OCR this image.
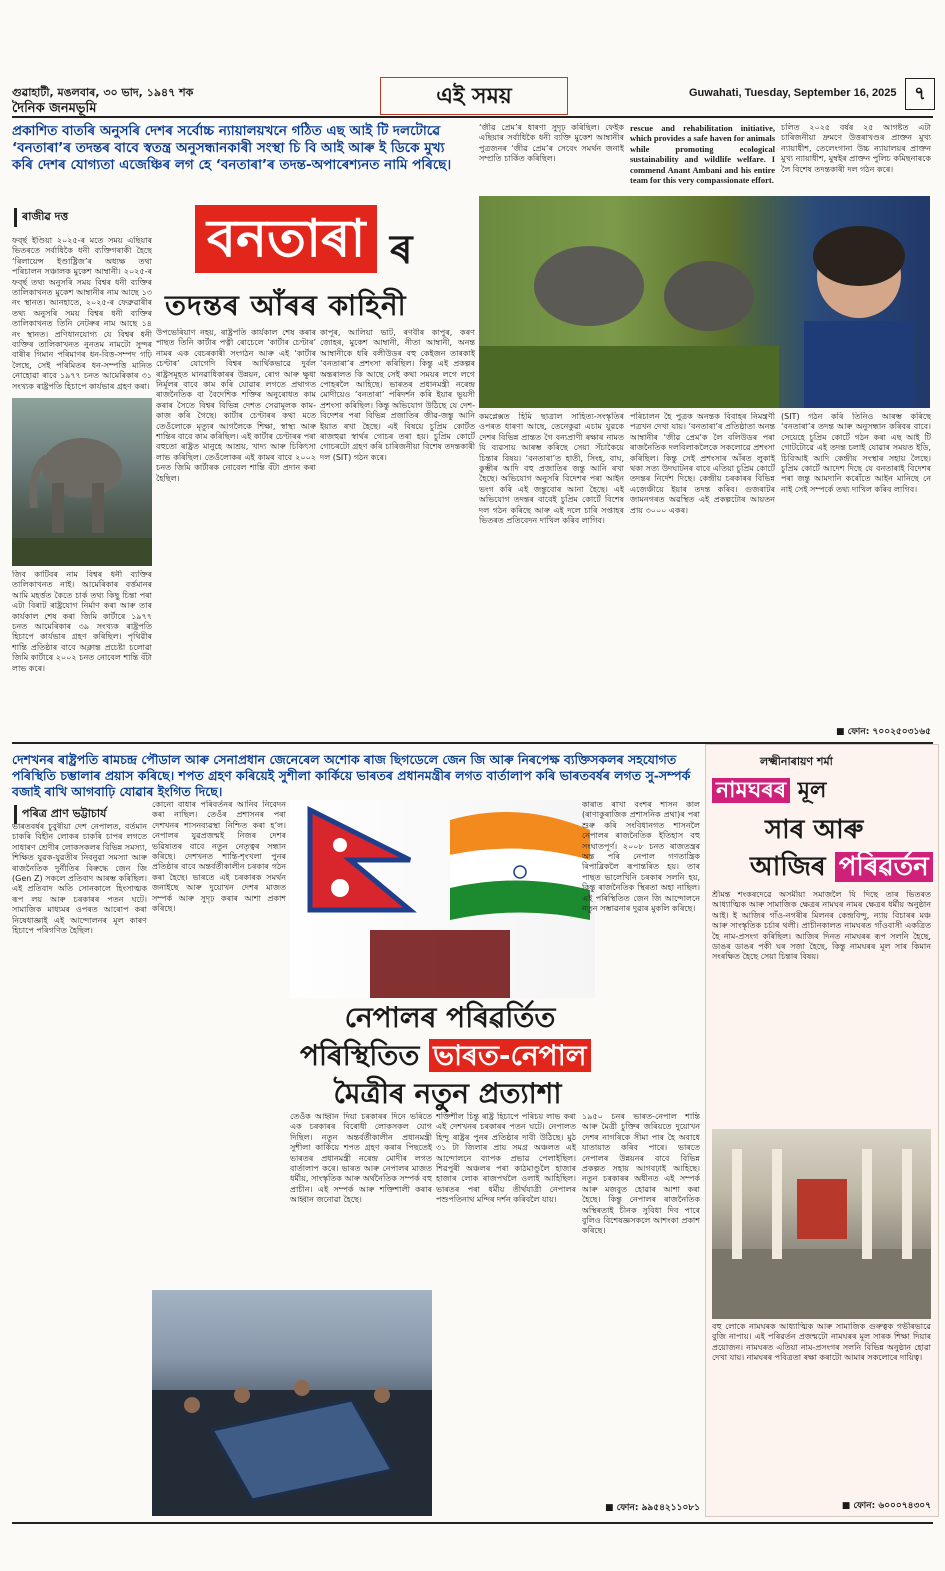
গুৱাহাটী, মঙলবাৰ, ৩০ ভাদ, ১৯৪৭ শক
দৈনিক জনমভূমি	এই সময়	Guwahati, Tuesday, September 16, 2025 ৭
প্ৰকাশিত বাতৰি অনুসৰি দেশৰ সৰ্বোচ্চ ন্যায়ালয়খনে গঠিত এছ আই টি দলটোৱে ‘বনতাৰা’ৰ তদন্তৰ বাবে স্বতন্ত্ৰ অনুসন্ধানকাৰী সংস্থা চি বি আই আৰু ই ডিকে মুখ্য কৰি দেশৰ যোগ্যতা এজেঞ্চিৰ লগ হে ‘বনতাৰা’ৰ তদন্ত-অপাৰেশ্যনত নামি পৰিছে।
ৰাজীৱ দত্ত	বনতাৰা ৰ
তদন্তৰ আঁৰৰ কাহিনী
ফৰ্ব্ছ ইণ্ডিয়া ২০২৫-ৰ মতে সময় এছিয়াৰ ভিতৰতে সৰ্বাধিকৈ ধনী ব্যক্তিগৰাকী হৈছে ‘ৰিলায়েন্স ইণ্ডাষ্ট্ৰিজ’ৰ অধ্যক্ষ তথা পৰিচালন সঞ্চালক মুকেশ আম্বানী। ২০২৫-ৰ ফৰ্ব্ছ তথ্য অনুসৰি সময় বিশ্বৰ ধনী ব্যক্তিৰ তালিকাখনত মুকেশ আম্বানীৰ নাম আছে ১৩ নং স্থানত। আনহাতে, ২০২৫-ৰ ফেব্ৰুৱাৰীৰ তথ্য অনুসৰি সময় বিশ্বৰ ধনী ব্যক্তিৰ তালিকাখনত তিনি নেটৰুৰ নাম আছে ১৪ নং স্থানত। প্ৰণিধানযোগ্য যে বিশ্বৰ ধনী ব্যক্তিৰ তালিকাখনত নুনতম নামটো সুন্দৰ বাৰীৰ গিমান পৰিমাণৰ ধন-বিত্ত-সম্পদ গঢ়ি লৈছে, সেই পৰিমিতৰ ধন-সম্পত্তি মানিত নোহোৱা ৰাবে ১৯৭৭ চনত আমেৰিকাৰ ৩১ সংখ্যক ৰাষ্ট্ৰপতি হিচাপে কাৰ্যভাৰ গ্ৰহণ কৰা।
জিব কাটিবৰ নাম বিশ্বৰ ধনী ব্যক্তিৰ তালিকাখনত নাই। আমেৰিকাৰ বৰ্ত্তমানৰ আমি মহৰ্ত্তত কৈতে চাৰ্ক তথ্য কিছু চিন্তা পৰা এটা বিৰাট ৰাষ্ট্ৰযোগ নিৰ্মাণ কৰা আৰু তাৰ কাৰ্যকাল শেষ কৰা জিমি কাৰ্টাৰে ১৯৭৭ চনত আমেৰিকাৰ ৩৯ সংখ্যক ৰাষ্ট্ৰপতি হিচাপে কাৰ্যভাৰ গ্ৰহণ কৰিছিল। পৃথিৱীৰ শান্তি প্ৰতিষ্ঠাৰ বাবে অক্লান্ত প্ৰচেষ্টা চলোৱা জিমি কাৰ্টাৰে ২০০২ চনত নোবেল শান্তি বঁটা লাভ কৰে।
উপভেৰিয়াণ নহয়, ৰাষ্ট্ৰপতি কাৰ্যকাল শেষ কৰাৰ পাছত তিনি কাৰ্টাৰ পত্নী ৰোচেলে ‘কাৰ্টাৰ চেণ্টাৰ’ নামৰ এক বেচৰকাৰী সংগঠন আৰু এই ‘কাৰ্টাৰ চেণ্টাৰ’ যোগেদি বিশ্বৰ আৰ্থিকভাৱে দুৰ্বল ৰাষ্ট্ৰসমূহত মানৱাধিকাৰৰ উন্নয়ন, ৰোগ আৰু ক্ষুধা নিৰ্মূলৰ বাবে কাম কৰি যোৱাৰ লগতে প্ৰথাগত ৰাজনৈতিক বা বৈদেশিক শক্তিৰ অনুৰোধত কাম কৰাৰ সৈতে বিশ্বৰ বিভিন্ন দেশত সেৱামূলক কাম-কাজ কৰি গৈছে। কাৰ্টাৰ চেণ্টাৰৰ কথা মতে তেওঁলোকে মৃত্যুৰ আগলৈকে শিক্ষা, স্বাস্থ্য আৰু শান্তিৰ বাবে কাম কৰিছিল। এই কাৰ্টাৰ চেণ্টাৰৰ পৰা বহুতো ৰাষ্ট্ৰত মানুহে আশ্ৰয়, খাদ্য আৰু চিকিৎসা লাভ কৰিছিল। তেওঁলোকৰ এই কামৰ বাবে ২০০২ চনত জিমি কাৰ্টাৰক নোবেল শান্তি বঁটা প্ৰদান কৰা হৈছিল।
কাপূৰ, আলিয়া ভাট, ৰণবীৰ কাপুৰ, কৰণ জোহৰ, মুকেশ আম্বানী, নীতা আম্বানী, অনন্ত আম্বানীকে ধৰি বলীউডৰ বহু কেইজন তাৰকাই ‘বনতাৰা’ৰ প্ৰশংসা কৰিছিল। কিন্তু এই প্ৰকল্পৰ অন্তৰালত কি আছে সেই কথা সময়ৰ লগে লগে পোহৰলৈ আহিছে। ভাৰতৰ প্ৰধানমন্ত্ৰী নৰেন্দ্ৰ মোদীয়েও ‘বনতাৰা’ পৰিদৰ্শন কৰি ইয়াৰ ভূয়সী প্ৰশংসা কৰিছিল। কিন্তু অভিযোগ উঠিছে যে দেশ-বিদেশৰ পৰা বিভিন্ন প্ৰজাতিৰ জীৱ-জন্তু আনি ইয়াত ৰখা হৈছে। এই বিষয়ে চুপ্ৰিম কোৰ্টত ৰাজহুৱা স্বাৰ্থৰ গোচৰ তৰা হয়। চুপ্ৰিম কোৰ্টে গোচৰটো গ্ৰহণ কৰি চাৰিজনীয়া বিশেষ তদন্তকাৰী দল (SIT) গঠন কৰে।
‘জীৱ প্ৰেম’ৰ ধাৰণা সুদৃঢ় কৰিছিল। ফেইক এছিয়াৰ সৰ্বাধিকৈ ধনী ব্যক্তি মুকেশ আম্বানীৰ পুত্ৰজনৰ ‘জীৱ প্ৰেম’ৰ সেবেং সমৰ্থন জনাই সম্প্ৰতি চাৰ্কিত কৰিছিল।
rescue and rehabilitation initiative, which provides a safe haven for animals while promoting ecological sustainability and wildlife welfare. I commend Anant Ambani and his entire team for this very compassionate effort.
চলিত ২০২৫ বৰ্ষৰ ২৫ আগষ্টত এটা চাৰিজনীয়া দ্ৰুমণে উত্তৰাখণ্ডৰ প্ৰাক্তন মুখ্য ন্যায়াধীশ, তেলেংগানা উচ্চ ন্যায়ালয়ৰ প্ৰাক্তন মুখ্য ন্যায়াধীশ, মুম্বইৰ প্ৰাক্তন পুলিচ কমিছনাৰকে লৈ বিশেষ তদন্তকাৰী দল গঠন কৰে।
কমপ্লেক্সত হিমি ছাত্ৰাল সাহিত্য-সংস্কৃতিৰ ওপৰত ধাৰণা আছে, তেনেকুৱা এচাম যুৱকে দেশৰ বিভিন্ন প্ৰান্তত গৈ বন্যপ্ৰাণী ৰক্ষাৰ নামত যি ব্যৱসায় আৰম্ভ কৰিছে সেয়া সঁচাকৈয়ে চিন্তাৰ বিষয়। ‘বনতাৰা’ত হাতী, সিংহ, বাঘ, কুম্ভীৰ আদি বহু প্ৰজাতিৰ জন্তু আনি ৰখা হৈছে। অভিযোগ অনুসৰি বিদেশৰ পৰা আইন ভংগ কৰি এই জন্তুবোৰ আনা হৈছে। এই অভিযোগ তদন্তৰ বাবেই চুপ্ৰিম কোৰ্টে বিশেষ দল গঠন কৰিছে আৰু এই দলে চাৰি সপ্তাহৰ ভিতৰত প্ৰতিবেদন দাখিল কৰিব লাগিব।
পৰিচালন হৈ পুত্ৰক অনন্তক বিবাহৰ নিমন্ত্ৰণী পত্ৰখন দেখা যায়। ‘বনতাৰা’ৰ প্ৰতিষ্ঠাতা অনন্ত আম্বানীৰ ‘জীৱ প্ৰেম’ক লৈ বলিউডৰ পৰা ৰাজনৈতিক দলবিলাকলৈকে সকলোৱে প্ৰশংসা কৰিছিল। কিন্তু সেই প্ৰশংসাৰ আঁৰত লুকাই থকা সত্য উদঘাটনৰ বাবে এতিয়া চুপ্ৰিম কোৰ্টে তদন্তৰ নিৰ্দেশ দিছে। কেন্দ্ৰীয় চৰকাৰৰ বিভিন্ন এজেঞ্চীয়ে ইয়াৰ তদন্ত কৰিব। গুজৰাটৰ জামনগৰত অৱস্থিত এই প্ৰকল্পটোৰ আয়তন প্ৰায় ৩০০০ একৰ।
(SIT) গঠন কৰি তিনিও আৰম্ভ কৰিছে ‘বনতাৰা’ৰ তদন্ত আৰু অনুসন্ধান কৰিবৰ বাবে। সেয়েহে চুপ্ৰিম কোৰ্টে গঠন কৰা এছ আই টি গোটটোৱে এই তদন্ত চলাই যোৱাৰ সময়ত ইডি, চিবিআই আদি কেন্দ্ৰীয় সংস্থাৰ সহায় লৈছে। চুপ্ৰিম কোৰ্টে আদেশ দিছে যে বনতাৰাই বিদেশৰ পৰা জন্তু আমদানি কৰোঁতে আইন মানিছে নে নাই সেই সম্পৰ্কে তথ্য দাখিল কৰিব লাগিব।
■ ফোন: ৭০০২৫০৩১৬৫
দেশখনৰ ৰাষ্ট্ৰপতি ৰামচন্দ্ৰ পৌডাল আৰু সেনাপ্ৰধান জেনেৰেল অশোক ৰাজ ছিগডেলে জেন জি আৰু নিৰপেক্ষ ব্যক্তিসকলৰ সহযোগত পৰিস্থিতি চম্ভালাৰ প্ৰয়াস কৰিছে। শপত গ্ৰহণ কৰিয়েই সুশীলা কাৰ্কিয়ে ভাৰতৰ প্ৰধানমন্ত্ৰীৰ লগত বাৰ্তালাপ কৰি ভাৰতবৰ্ষৰ লগত সু-সম্পৰ্ক বজাই ৰাখি আগবাঢ়ি যোৱাৰ ইংগিত দিছে।
পৰিত্ৰ প্ৰাণ ভট্টাচাৰ্য
ভাৰতবৰ্ষৰ চুবুৰীয়া দেশ নেপালত, বৰ্তমান চাকৰি বিহীন লোকৰ চাকৰি চাপৰ লগতে সাধাৰণ শ্ৰেণীৰ লোকসকলৰ বিভিন্ন সমস্যা, শিক্ষিত যুৱক-যুৱতীৰ নিবনুৱা সমস্যা আৰু ৰাজনৈতিক দুৰ্নীতিৰ বিৰুদ্ধে জেন জি (Gen Z) সকলে প্ৰতিবাদ আৰম্ভ কৰিছিল। এই প্ৰতিবাদ অতি সোনকালে হিংসাত্মক ৰূপ লয় আৰু চৰকাৰৰ পতন ঘটে। সামাজিক মাধ্যমৰ ওপৰত আৰোপ কৰা নিষেধাজ্ঞাই এই আন্দোলনৰ মূল কাৰণ হিচাপে পৰিগণিত হৈছিল।
কোনো বাধাৰ পৰিবৰ্তনৰ আনিব নিবেদন কৰা নাছিল। তেওঁৰ প্ৰশাসনৰ পৰা দেশখনৰ শাসনব্যৱস্থা নিশ্চিত কৰা হ’ল। নেপালৰ যুৱপ্ৰজন্মই নিজৰ দেশৰ ভৱিষ্যতৰ বাবে নতুন নেতৃত্বৰ সন্ধান কৰিছে। দেশখনত শান্তি-শৃংখলা পুনৰ প্ৰতিষ্ঠাৰ বাবে অন্তৰ্বৰ্তীকালীন চৰকাৰ গঠন কৰা হৈছে। ভাৰতে এই চৰকাৰক সমৰ্থন জনাইছে আৰু দুয়োখন দেশৰ মাজত সম্পৰ্ক আৰু সুদৃঢ় কৰাৰ আশা প্ৰকাশ কৰিছে।
নেপালৰ পৰিৱৰ্তিত
পৰিস্থিতিত ভাৰত-নেপাল
মৈত্ৰীৰ নতুন প্ৰত্যাশা
তেওঁক আহ্বান দিয়া চৰকাৰৰ দিনে ভৰিতে এক চৰকাৰৰ বিৰোধী লোকসকল যোগ দিছিল। নতুন অন্তৰ্বৰ্তীকালীন প্ৰধানমন্ত্ৰী সুশীলা কাৰ্কিয়ে শপত গ্ৰহণ কৰাৰ পিছতেই ভাৰতৰ প্ৰধানমন্ত্ৰী নৰেন্দ্ৰ মোদীৰ লগত বাৰ্তালাপ কৰে। ভাৰত আৰু নেপালৰ মাজত ধৰ্মীয়, সাংস্কৃতিক আৰু অৰ্থনৈতিক সম্পৰ্ক বহু প্ৰাচীন। এই সম্পৰ্ক আৰু শক্তিশালী কৰাৰ আহ্বান জনোৱা হৈছে।
শক্তিশীল চিন্তু ৰাষ্ট্ৰ হিচাপে পৰিচয় লাভ কৰা এই দেশখনৰ চৰকাৰৰ পতন ঘটে। নেপালত হিন্দু ৰাষ্ট্ৰৰ পুনৰ প্ৰতিষ্ঠাৰ দাবী উঠিছে। মুঠ ৩১ টা জিলাৰ প্ৰায় সমগ্ৰ অঞ্চলত এই আন্দোলনে ব্যাপক প্ৰভাৱ পেলাইছিল। শিৱপুৰী অঞ্চলৰ পৰা কাঠমাণ্ডুলৈ হাজাৰ হাজাৰ লোক ৰাজপথলৈ ওলাই আহিছিল। ভাৰতৰ পৰা ধৰ্মীয় তীৰ্থযাত্ৰী নেপালৰ পশুপতিনাথ মন্দিৰ দৰ্শন কৰিবলৈ যায়।
কাৰাত ৰাখা বংশৰ শাসন কাল (ৰাণাকুৰাজিক প্ৰশাসনিক প্ৰথা)ৰ পৰা শুৰু কৰি সংবিধানগত শাসনলৈ নেপালৰ ৰাজনৈতিক ইতিহাস বহু সংঘাতপূৰ্ণ। ২০০৮ চনত ৰাজতন্ত্ৰৰ অন্ত পৰি নেপাল গণতান্ত্ৰিক ৰিপাব্লিকলৈ ৰূপান্তৰিত হয়। তাৰ পাছত ভালেখিনি চৰকাৰ সলনি হয়, কিন্তু ৰাজনৈতিক স্থিৰতা অহা নাছিল। এই পৰিস্থিতিত জেন জি আন্দোলনে নতুন সম্ভাৱনাৰ দুৱাৰ মুকলি কৰিছে।
১৯৫০ চনৰ ভাৰত-নেপাল শান্তি আৰু মৈত্ৰী চুক্তিৰ জৰিয়তে দুয়োখন দেশৰ নাগৰিকে সীমা পাৰ হৈ অবাধে যাতায়াত কৰিব পাৰে। ভাৰতে নেপালৰ উন্নয়নৰ বাবে বিভিন্ন প্ৰকল্পত সহায় আগবঢ়াই আহিছে। নতুন চৰকাৰৰ অধীনত এই সম্পৰ্ক আৰু মজবুত হোৱাৰ আশা কৰা হৈছে। কিন্তু নেপালৰ ৰাজনৈতিক অস্থিৰতাই চীনক সুবিধা দিব পাৰে বুলিও বিশেষজ্ঞসকলে আশংকা প্ৰকাশ কৰিছে।
■ ফোন: ৯৯৫৪২১১০৮১
লক্ষ্মীনাৰায়ণ শৰ্মা
নামঘৰৰ মূল
সাৰ আৰু
আজিৰ পৰিৱৰ্তন
শ্ৰীমন্ত শংকৰদেৱে অসমীয়া সমাজলৈ যি দিছে তাৰ ভিতৰত আধ্যাত্মিক আৰু সামাজিক ক্ষেত্ৰৰ নামঘৰ নামৰ ক্ষেত্ৰৰ ধৰ্মীয় অনুষ্ঠান আই। ই আজিৰ গাঁও-নগৰীৰ মিলনৰ কেন্দ্ৰবিন্দু, ন্যায় বিচাৰৰ মঞ্চ আৰু সাংস্কৃতিক চৰ্চাৰ থলী। প্ৰাচীনকালত নামঘৰত গাঁওবাসী একত্ৰিত হৈ নাম-প্ৰসংগ কৰিছিল। আজিৰ দিনত নামঘৰৰ ৰূপ সলনি হৈছে, ডাঙৰ ডাঙৰ পকী ঘৰ সজা হৈছে, কিন্তু নামঘৰৰ মূল সাৰ কিমান সংৰক্ষিত হৈছে সেয়া চিন্তাৰ বিষয়।
বহু লোকে নামঘৰক আধ্যাত্মিক আৰু সামাজিক গুৰুত্বক গভীৰভাৱে বুজি নাপায়। এই পৰিৱৰ্তন প্ৰজন্মটো নামঘৰৰ মূল সাৰক শিক্ষা দিয়াৰ প্ৰয়োজন। নামঘৰত এতিয়া নাম-প্ৰসংগৰ সলনি বিভিন্ন অনুষ্ঠান হোৱা দেখা যায়। নামঘৰৰ পবিত্ৰতা ৰক্ষা কৰাটো আমাৰ সকলোৰে দায়িত্ব।
■ ফোন: ৬০০০৭৪৩০৭
